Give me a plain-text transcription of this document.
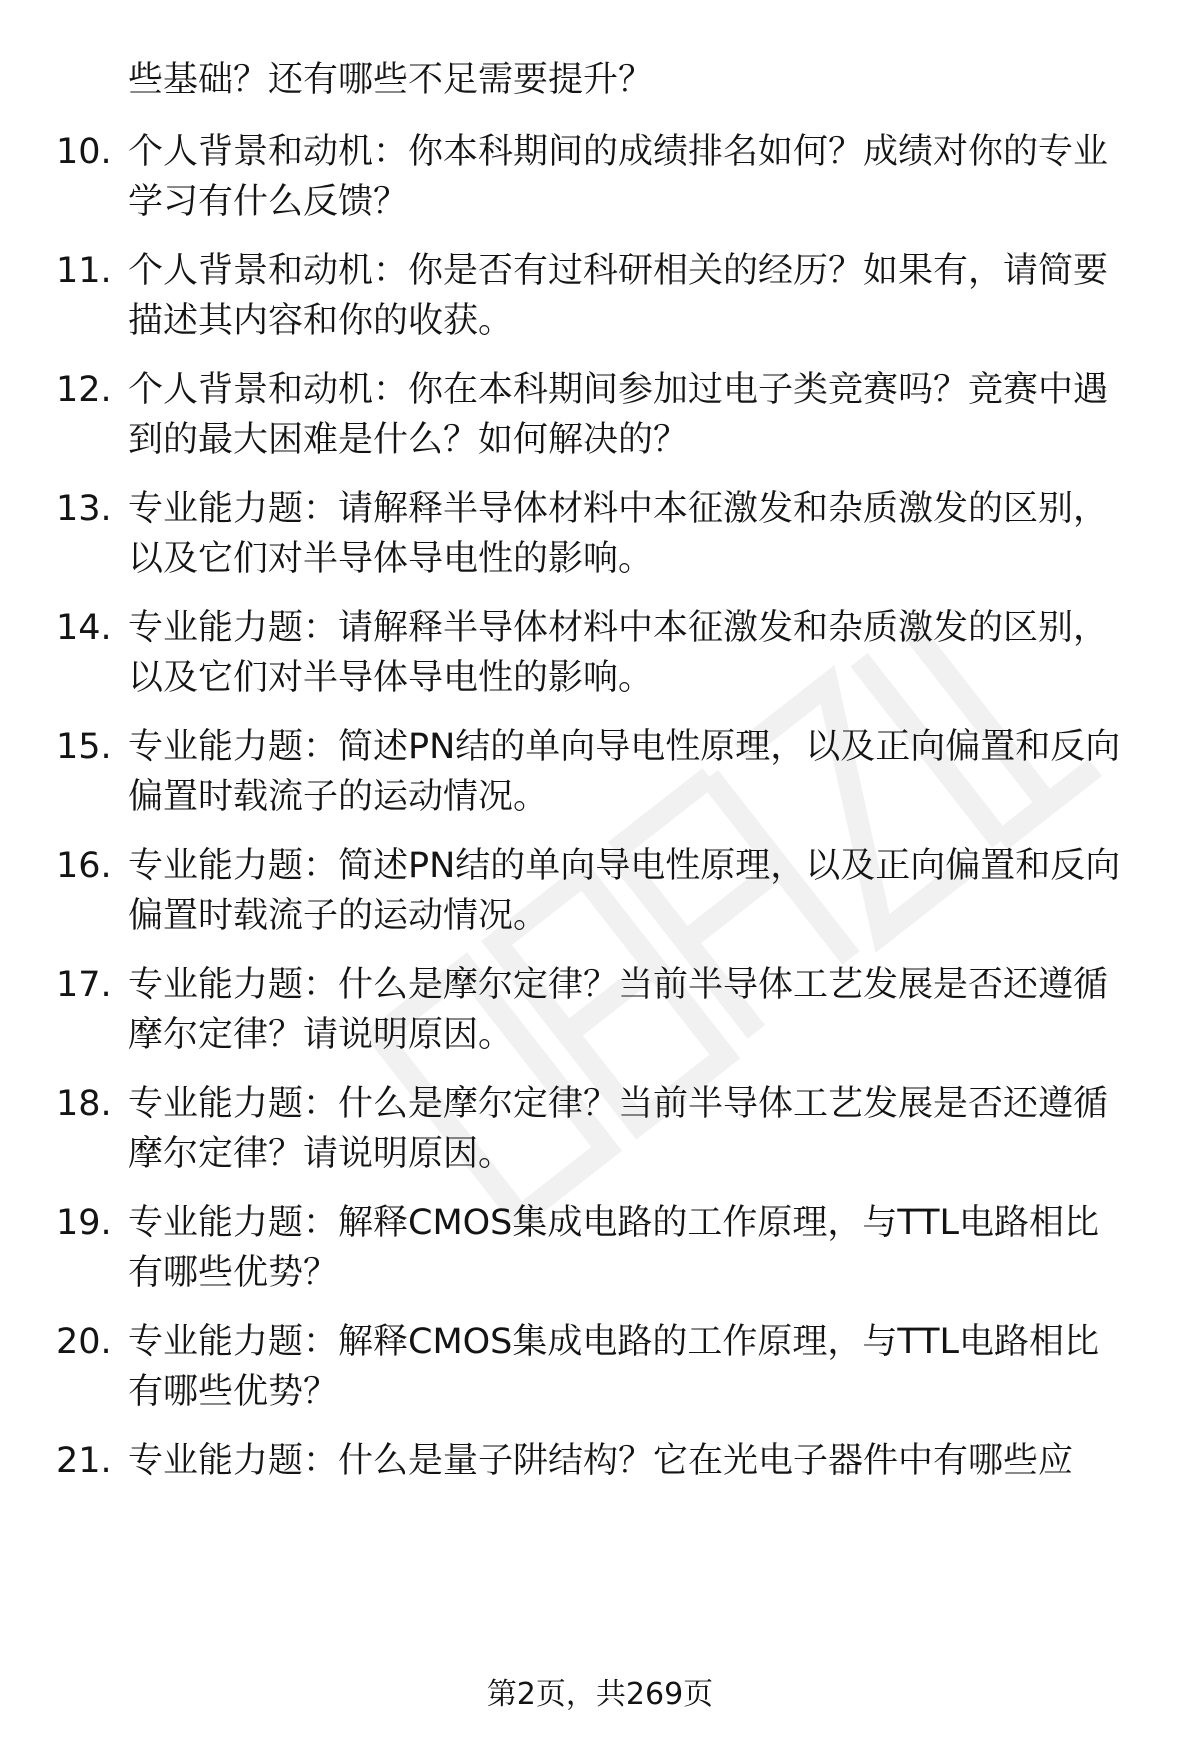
些基础？还有哪些不足需要提升？
10. 个人背景和动机：你本科期间的成绩排名如何？成绩对你的专业
学习有什么反馈？
11. 个人背景和动机：你是否有过科研相关的经历？如果有，请简要
描述其内容和你的收获。
12. 个人背景和动机：你在本科期间参加过电子类竞赛吗？竞赛中遇
到的最大困难是什么？如何解决的？
13. 专业能力题：请解释半导体材料中本征激发和杂质激发的区别，
以及它们对半导体导电性的影响。
14. 专业能力题：请解释半导体材料中本征激发和杂质激发的区别，
以及它们对半导体导电性的影响。
15. 专业能力题：简述PN结的单向导电性原理，以及正向偏置和反向
偏置时载流子的运动情况。
16. 专业能力题：简述PN结的单向导电性原理，以及正向偏置和反向
偏置时载流子的运动情况。
17. 专业能力题：什么是摩尔定律？当前半导体工艺发展是否还遵循
摩尔定律？请说明原因。
18. 专业能力题：什么是摩尔定律？当前半导体工艺发展是否还遵循
摩尔定律？请说明原因。
19. 专业能力题：解释CMOS集成电路的工作原理，与TTL电路相比
有哪些优势？
20. 专业能力题：解释CMOS集成电路的工作原理，与TTL电路相比
有哪些优势？
21. 专业能力题：什么是量子阱结构？它在光电子器件中有哪些应
第2页，共269页
